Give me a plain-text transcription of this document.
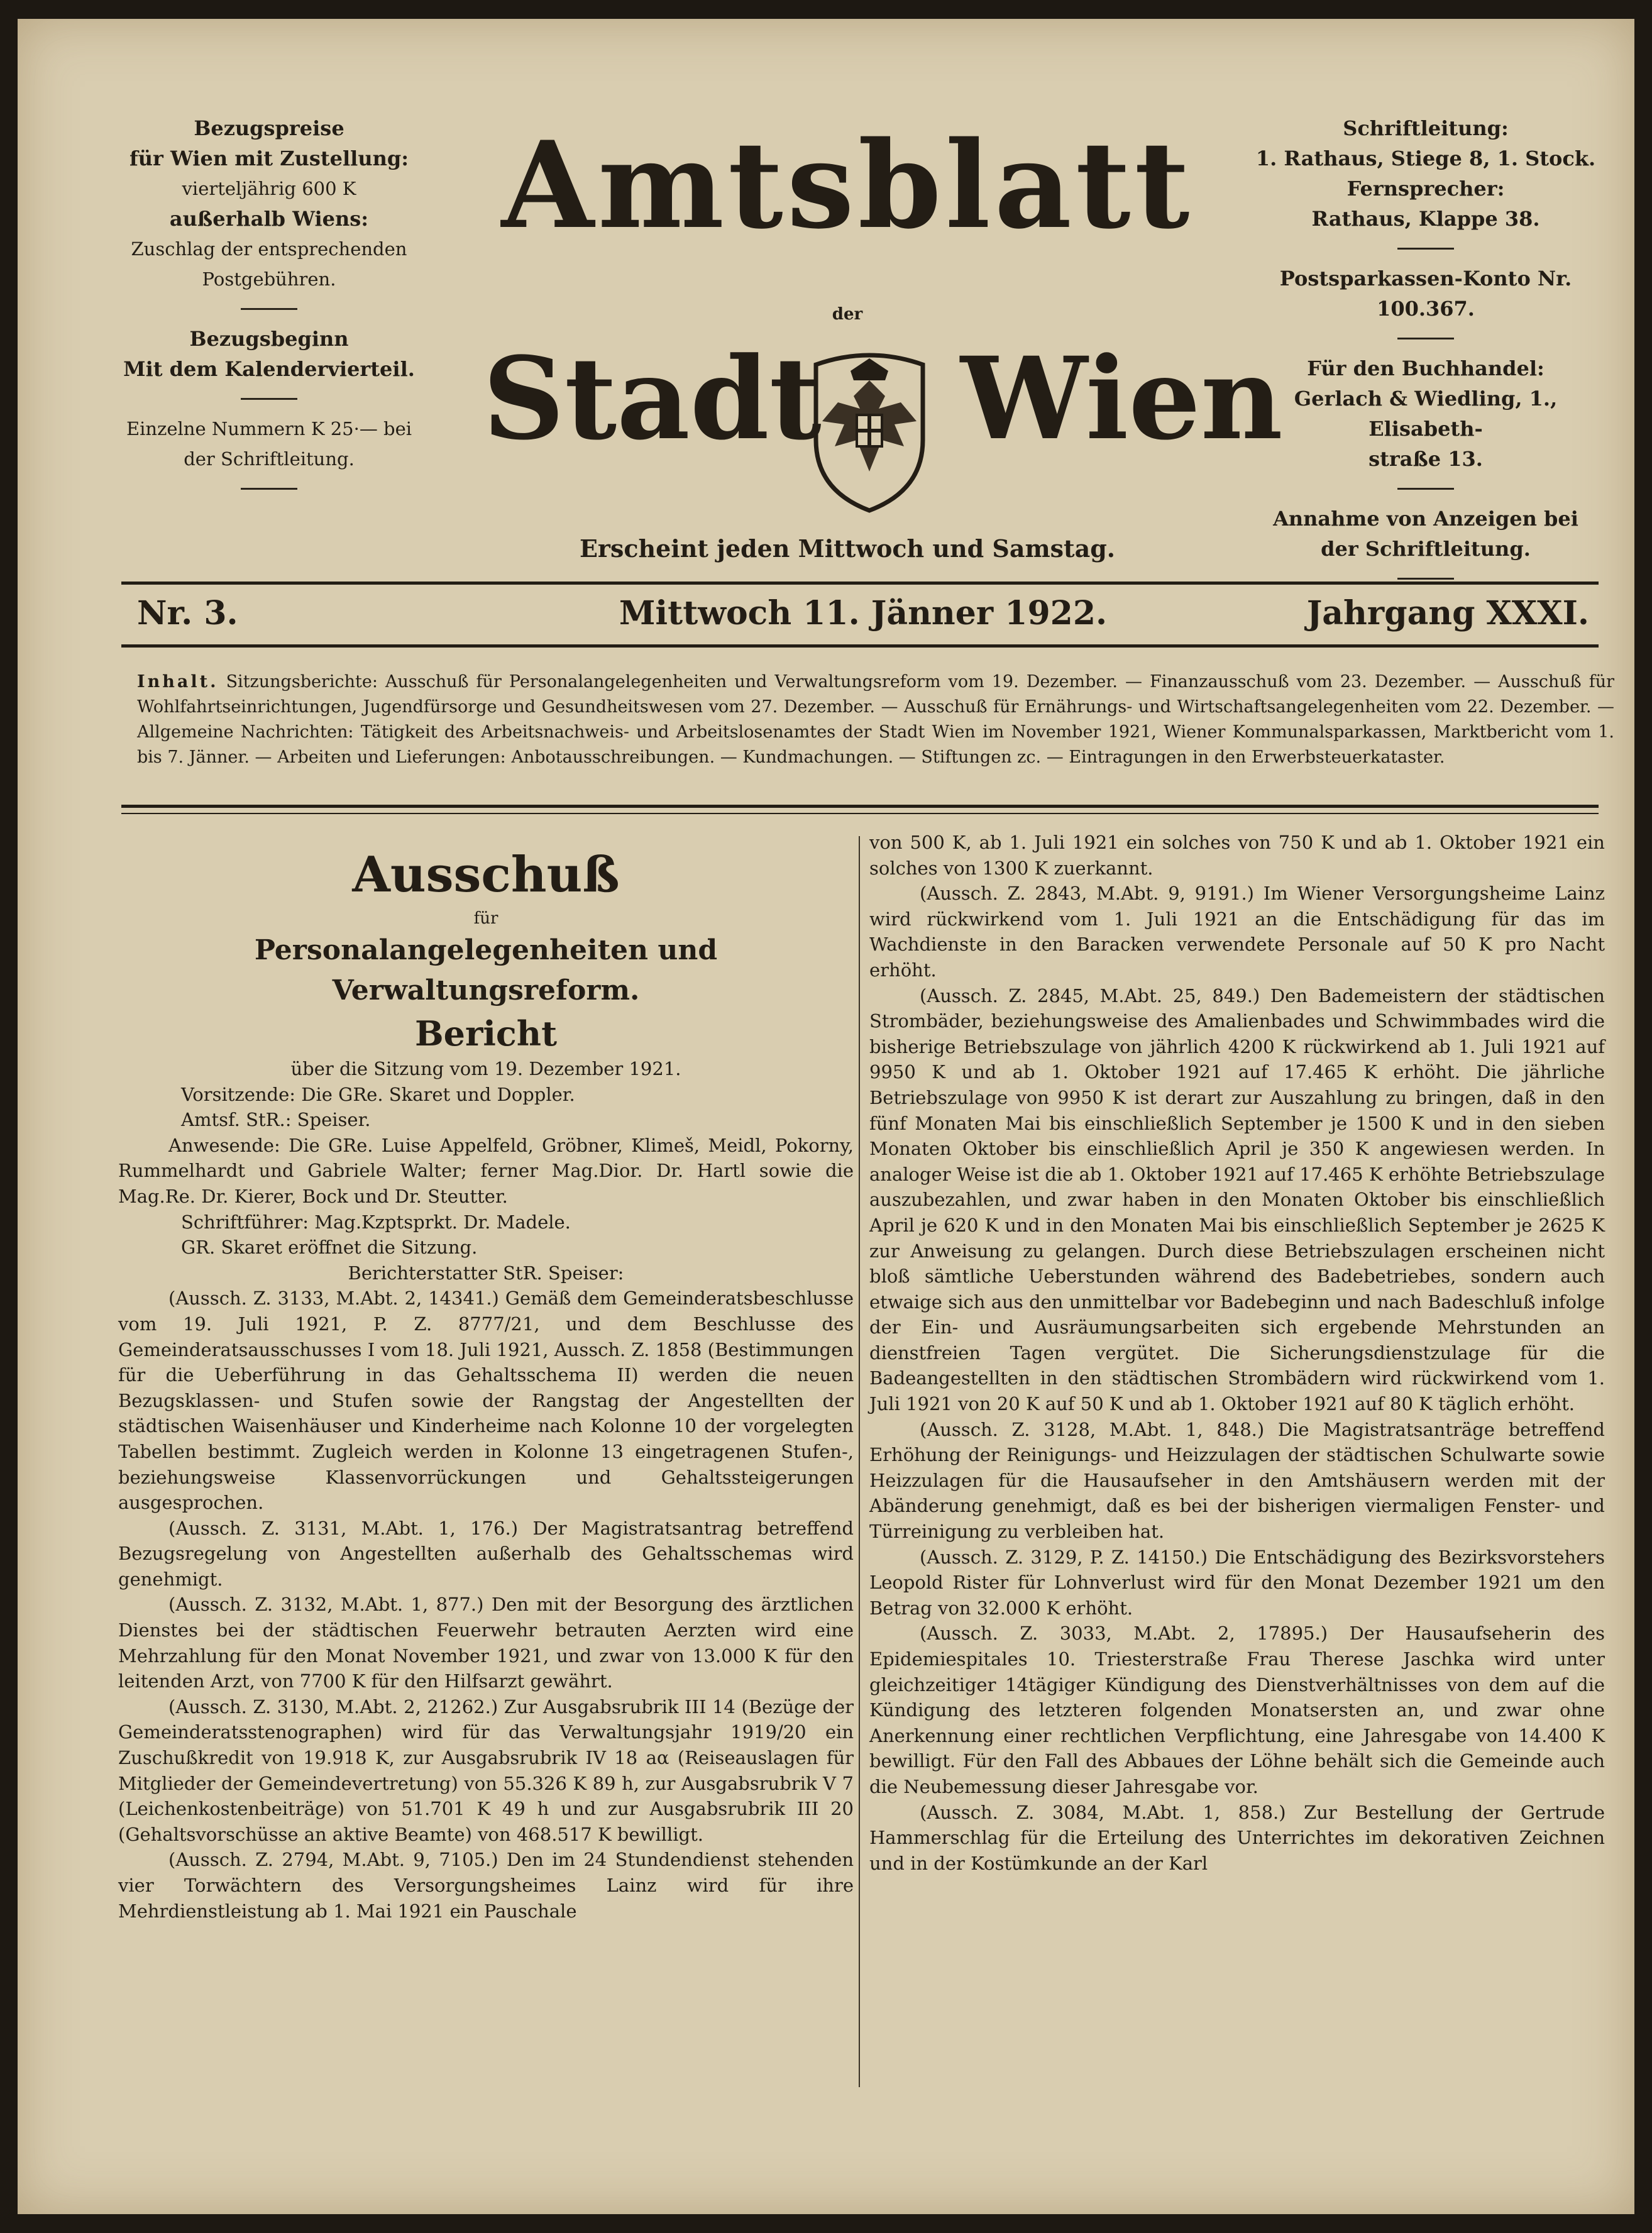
Bezugspreise

für Wien mit Zustellung:

vierteljährig 600 K

außerhalb Wiens:

Zuschlag der entsprechenden

Postgebühren.

Bezugsbeginn

Mit dem Kalendervierteil.

Einzelne Nummern K 25·— bei

der Schriftleitung.

Amtsblatt
der
Stadt Wien
Erscheint jeden Mittwoch und Samstag.

Schriftleitung:

1. Rathaus, Stiege 8, 1. Stock.

Fernsprecher:

Rathaus, Klappe 38.

Postsparkassen-Konto Nr. 100.367.

Für den Buchhandel:

Gerlach & Wiedling, 1., Elisabeth-

straße 13.

Annahme von Anzeigen bei

der Schriftleitung.

Nr. 3.	Mittwoch 11. Jänner 1922.	Jahrgang XXXI.
Inhalt. Sitzungsberichte: Ausschuß für Personalangelegenheiten und Verwaltungsreform vom 19. Dezember. — Finanzausschuß vom 23. Dezember. — Ausschuß für Wohlfahrtseinrichtungen, Jugendfürsorge und Gesundheitswesen vom 27. Dezember. — Ausschuß für Ernährungs- und Wirtschaftsangelegenheiten vom 22. Dezember. — Allgemeine Nachrichten: Tätigkeit des Arbeitsnachweis- und Arbeitslosenamtes der Stadt Wien im November 1921, Wiener Kommunalsparkassen, Marktbericht vom 1. bis 7. Jänner. — Arbeiten und Lieferungen: Anbotausschreibungen. — Kundmachungen. — Stiftungen zc. — Eintragungen in den Erwerbsteuerkataster.

Ausschuß

für

Personalangelegenheiten und Verwaltungsreform.

Bericht

über die Sitzung vom 19. Dezember 1921.

Vorsitzende: Die GRe. Skaret und Doppler.

Amtsf. StR.: Speiser.

Anwesende: Die GRe. Luise Appelfeld, Gröbner, Klimeš, Meidl, Pokorny, Rummelhardt und Gabriele Walter; ferner Mag.Dior. Dr. Hartl sowie die Mag.Re. Dr. Kierer, Bock und Dr. Steutter.

Schriftführer: Mag.Kzptsprkt. Dr. Madele.

GR. Skaret eröffnet die Sitzung.

Berichterstatter StR. Speiser:

(Aussch. Z. 3133, M.Abt. 2, 14341.) Gemäß dem Gemeinderatsbeschlusse vom 19. Juli 1921, P. Z. 8777/21, und dem Beschlusse des Gemeinderatsausschusses I vom 18. Juli 1921, Aussch. Z. 1858 (Bestimmungen für die Ueberführung in das Gehaltsschema II) werden die neuen Bezugsklassen- und Stufen sowie der Rangstag der Angestellten der städtischen Waisenhäuser und Kinderheime nach Kolonne 10 der vorgelegten Tabellen bestimmt. Zugleich werden in Kolonne 13 eingetragenen Stufen-, beziehungsweise Klassenvorrückungen und Gehaltssteigerungen ausgesprochen.

(Aussch. Z. 3131, M.Abt. 1, 176.) Der Magistratsantrag betreffend Bezugsregelung von Angestellten außerhalb des Gehaltsschemas wird genehmigt.

(Aussch. Z. 3132, M.Abt. 1, 877.) Den mit der Besorgung des ärztlichen Dienstes bei der städtischen Feuerwehr betrauten Aerzten wird eine Mehrzahlung für den Monat November 1921, und zwar von 13.000 K für den leitenden Arzt, von 7700 K für den Hilfsarzt gewährt.

(Aussch. Z. 3130, M.Abt. 2, 21262.) Zur Ausgabsrubrik III 14 (Bezüge der Gemeinderatsstenographen) wird für das Verwaltungsjahr 1919/20 ein Zuschußkredit von 19.918 K, zur Ausgabsrubrik IV 18 aα (Reiseauslagen für Mitglieder der Gemeindevertretung) von 55.326 K 89 h, zur Ausgabsrubrik V 7 (Leichenkostenbeiträge) von 51.701 K 49 h und zur Ausgabsrubrik III 20 (Gehaltsvorschüsse an aktive Beamte) von 468.517 K bewilligt.

(Aussch. Z. 2794, M.Abt. 9, 7105.) Den im 24 Stundendienst stehenden vier Torwächtern des Versorgungsheimes Lainz wird für ihre Mehrdienstleistung ab 1. Mai 1921 ein Pauschale

von 500 K, ab 1. Juli 1921 ein solches von 750 K und ab 1. Oktober 1921 ein solches von 1300 K zuerkannt.

(Aussch. Z. 2843, M.Abt. 9, 9191.) Im Wiener Versorgungsheime Lainz wird rückwirkend vom 1. Juli 1921 an die Entschädigung für das im Wachdienste in den Baracken verwendete Personale auf 50 K pro Nacht erhöht.

(Aussch. Z. 2845, M.Abt. 25, 849.) Den Bademeistern der städtischen Strombäder, beziehungsweise des Amalienbades und Schwimmbades wird die bisherige Betriebszulage von jährlich 4200 K rückwirkend ab 1. Juli 1921 auf 9950 K und ab 1. Oktober 1921 auf 17.465 K erhöht. Die jährliche Betriebszulage von 9950 K ist derart zur Auszahlung zu bringen, daß in den fünf Monaten Mai bis einschließlich September je 1500 K und in den sieben Monaten Oktober bis einschließlich April je 350 K angewiesen werden. In analoger Weise ist die ab 1. Oktober 1921 auf 17.465 K erhöhte Betriebszulage auszubezahlen, und zwar haben in den Monaten Oktober bis einschließlich April je 620 K und in den Monaten Mai bis einschließlich September je 2625 K zur Anweisung zu gelangen. Durch diese Betriebszulagen erscheinen nicht bloß sämtliche Ueberstunden während des Badebetriebes, sondern auch etwaige sich aus den unmittelbar vor Badebeginn und nach Badeschluß infolge der Ein- und Ausräumungsarbeiten sich ergebende Mehrstunden an dienstfreien Tagen vergütet. Die Sicherungsdienstzulage für die Badeangestellten in den städtischen Strombädern wird rückwirkend vom 1. Juli 1921 von 20 K auf 50 K und ab 1. Oktober 1921 auf 80 K täglich erhöht.

(Aussch. Z. 3128, M.Abt. 1, 848.) Die Magistratsanträge betreffend Erhöhung der Reinigungs- und Heizzulagen der städtischen Schulwarte sowie Heizzulagen für die Hausaufseher in den Amtshäusern werden mit der Abänderung genehmigt, daß es bei der bisherigen viermaligen Fenster- und Türreinigung zu verbleiben hat.

(Aussch. Z. 3129, P. Z. 14150.) Die Entschädigung des Bezirksvorstehers Leopold Rister für Lohnverlust wird für den Monat Dezember 1921 um den Betrag von 32.000 K erhöht.

(Aussch. Z. 3033, M.Abt. 2, 17895.) Der Hausaufseherin des Epidemiespitales 10. Triesterstraße Frau Therese Jaschka wird unter gleichzeitiger 14tägiger Kündigung des Dienstverhältnisses von dem auf die Kündigung des letzteren folgenden Monatsersten an, und zwar ohne Anerkennung einer rechtlichen Verpflichtung, eine Jahresgabe von 14.400 K bewilligt. Für den Fall des Abbaues der Löhne behält sich die Gemeinde auch die Neubemessung dieser Jahresgabe vor.

(Aussch. Z. 3084, M.Abt. 1, 858.) Zur Bestellung der Gertrude Hammerschlag für die Erteilung des Unterrichtes im dekorativen Zeichnen und in der Kostümkunde an der Karl
